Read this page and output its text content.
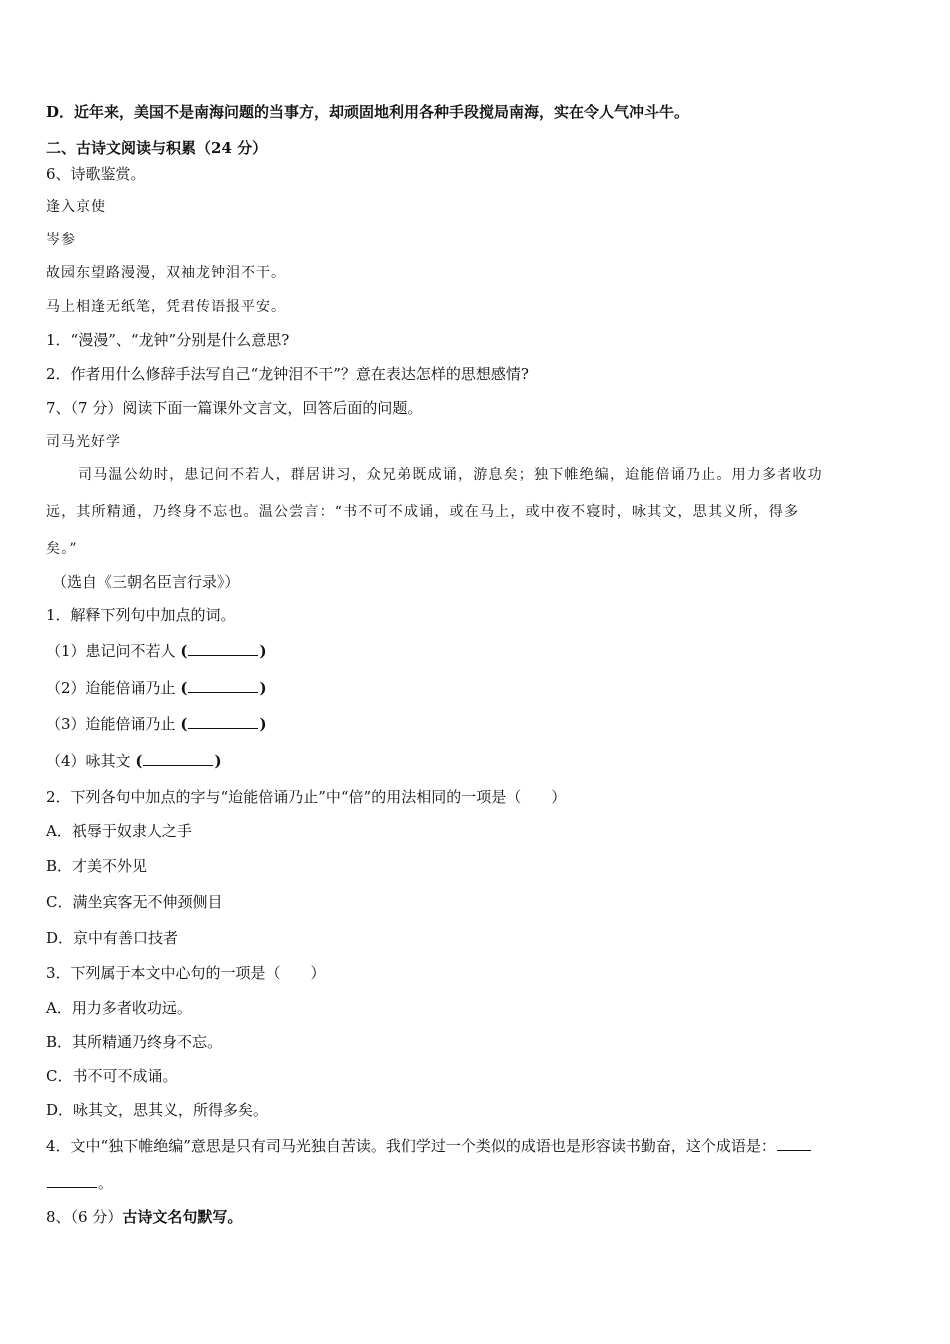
D．近年来，美国不是南海问题的当事方，却顽固地利用各种手段搅局南海，实在令人气冲斗牛。
二、古诗文阅读与积累（24 分）
6、诗歌鉴赏。
逢入京使
岑参
故园东望路漫漫，双袖龙钟泪不干。
马上相逢无纸笔，凭君传语报平安。
1．“漫漫”、“龙钟”分别是什么意思?
2．作者用什么修辞手法写自己“龙钟泪不干”？意在表达怎样的思想感情?
7、（7 分）阅读下面一篇课外文言文，回答后面的问题。
司马光好学
司马温公幼时，患记问不若人，群居讲习，众兄弟既成诵，游息矣；独下帷绝编，迨能倍诵乃止。用力多者收功
远，其所精通，乃终身不忘也。温公尝言：“书不可不成诵，或在马上，或中夜不寝时，咏其文，思其义所，得多
矣。”
（选自《三朝名臣言行录》）
1．解释下列句中加点的词。
（1）患记问不若人 (	)
（2）迨能倍诵乃止 (	)
（3）迨能倍诵乃止 (	)
（4）咏其文 (	)
2．下列各句中加点的字与“迨能倍诵乃止”中“倍”的用法相同的一项是（　　）
A．祇辱于奴隶人之手
B．才美不外见
C．满坐宾客无不伸颈侧目
D．京中有善口技者
3．下列属于本文中心句的一项是（　　）
A．用力多者收功远。
B．其所精通乃终身不忘。
C．书不可不成诵。
D．咏其文，思其义，所得多矣。
4．文中“独下帷绝编”意思是只有司马光独自苦读。我们学过一个类似的成语也是形容读书勤奋，这个成语是：
。
8、（6 分）古诗文名句默写。
